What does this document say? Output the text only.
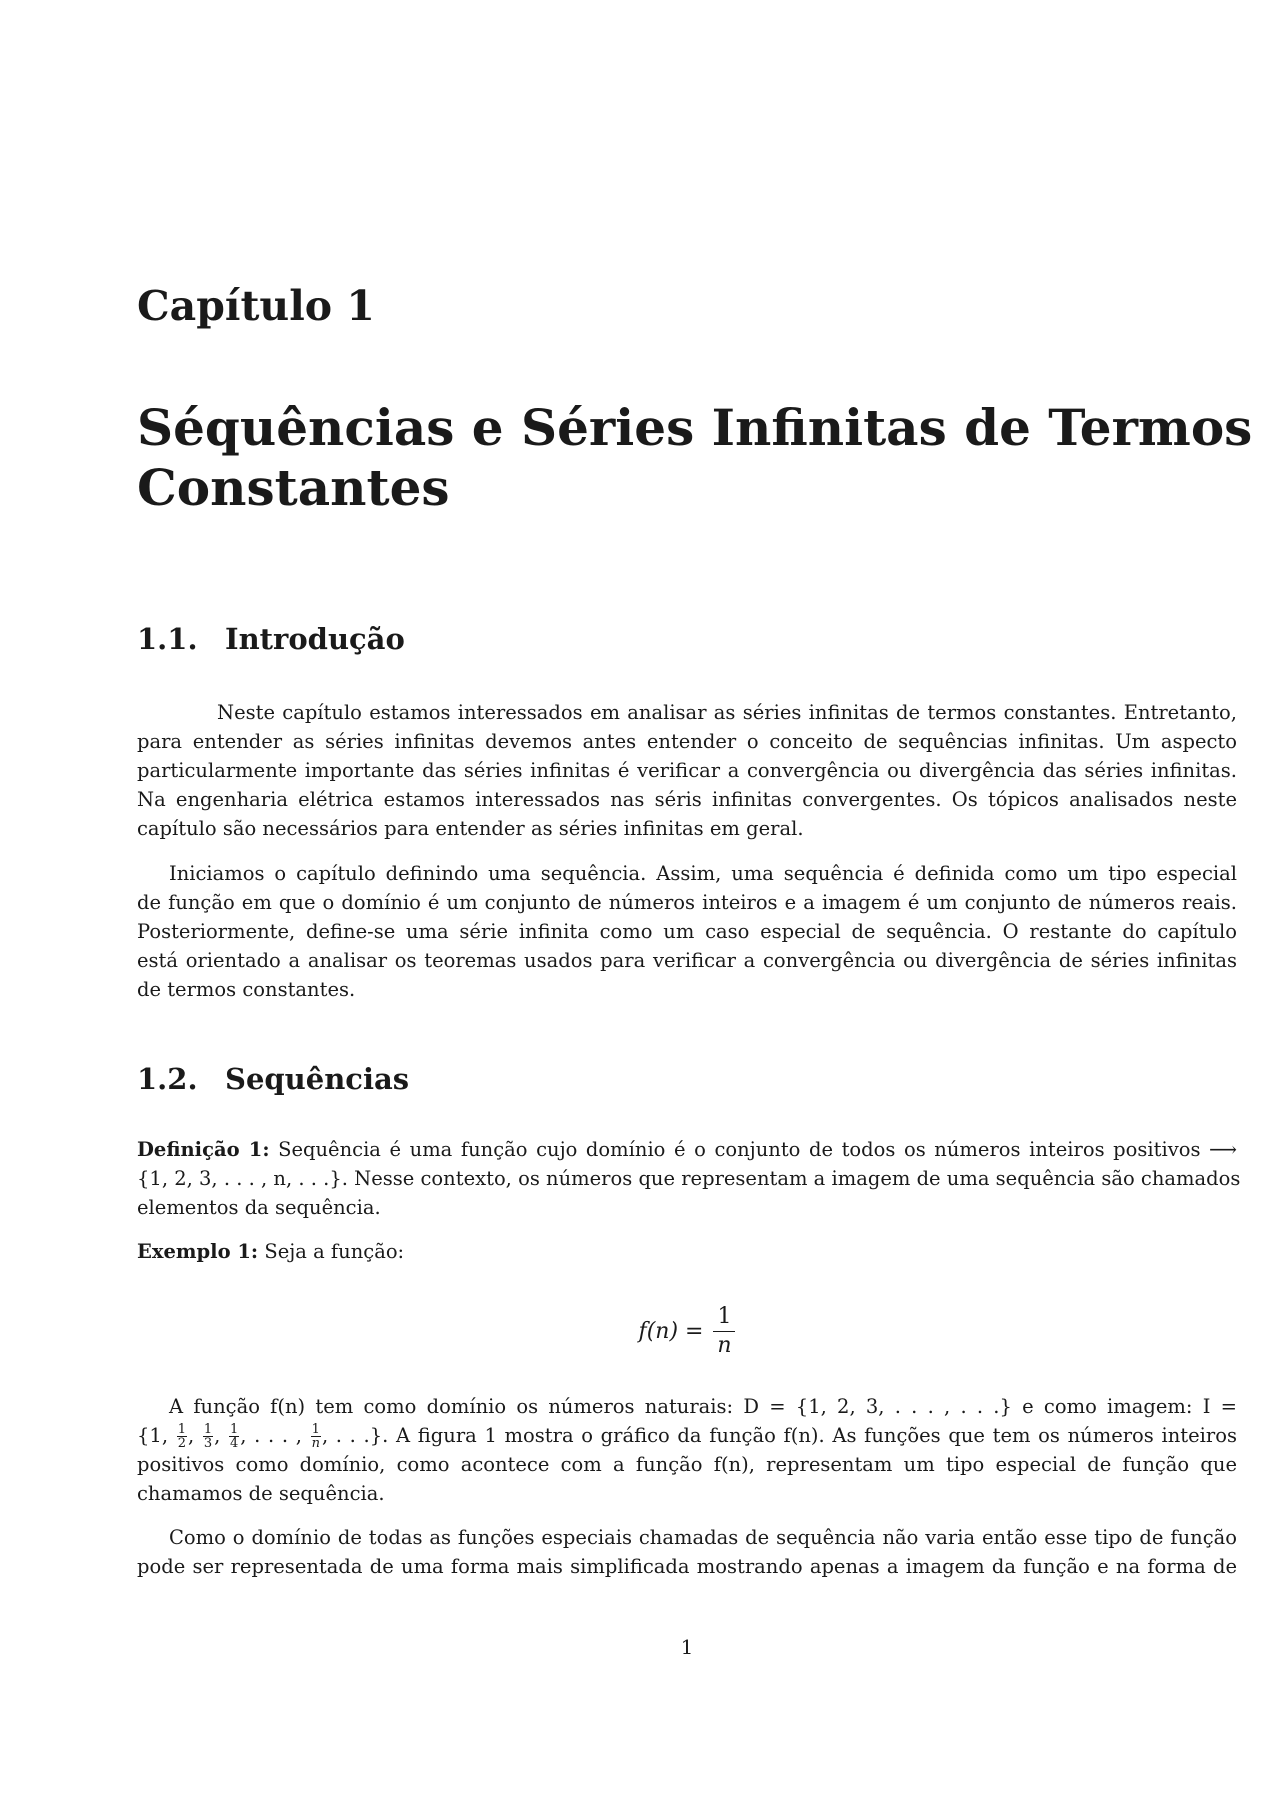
Capítulo 1
Séquências e Séries Infinitas de Termos
Constantes
1.1. Introdução
Neste capítulo estamos interessados em analisar as séries infinitas de termos constantes. Entretanto,
para entender as séries infinitas devemos antes entender o conceito de sequências infinitas. Um aspecto
particularmente importante das séries infinitas é verificar a convergência ou divergência das séries infinitas.
Na engenharia elétrica estamos interessados nas séris infinitas convergentes. Os tópicos analisados neste
capítulo são necessários para entender as séries infinitas em geral.
Iniciamos o capítulo definindo uma sequência. Assim, uma sequência é definida como um tipo especial
de função em que o domínio é um conjunto de números inteiros e a imagem é um conjunto de números reais.
Posteriormente, define-se uma série infinita como um caso especial de sequência. O restante do capítulo
está orientado a analisar os teoremas usados para verificar a convergência ou divergência de séries infinitas
de termos constantes.
1.2. Sequências
Definição 1: Sequência é uma função cujo domínio é o conjunto de todos os números inteiros positivos ⟶
{1, 2, 3, . . . , n, . . .}. Nesse contexto, os números que representam a imagem de uma sequência são chamados
elementos da sequência.
Exemplo 1: Seja a função:
$f(n) = \frac{1}{n}$
A função f(n) tem como domínio os números naturais: D = {1, 2, 3, . . . , . . .} e como imagem: I =
{1, $\frac{1}{2}$ , $\frac{1}{3}$ , $\frac{1}{4}$ , . . . , $\frac{1}{n}$ , . . .}. A figura 1 mostra o gráfico da função f(n). As funções que tem os números inteiros
positivos como domínio, como acontece com a função f(n), representam um tipo especial de função que
chamamos de sequência.
Como o domínio de todas as funções especiais chamadas de sequência não varia então esse tipo de função
pode ser representada de uma forma mais simplificada mostrando apenas a imagem da função e na forma de
1
